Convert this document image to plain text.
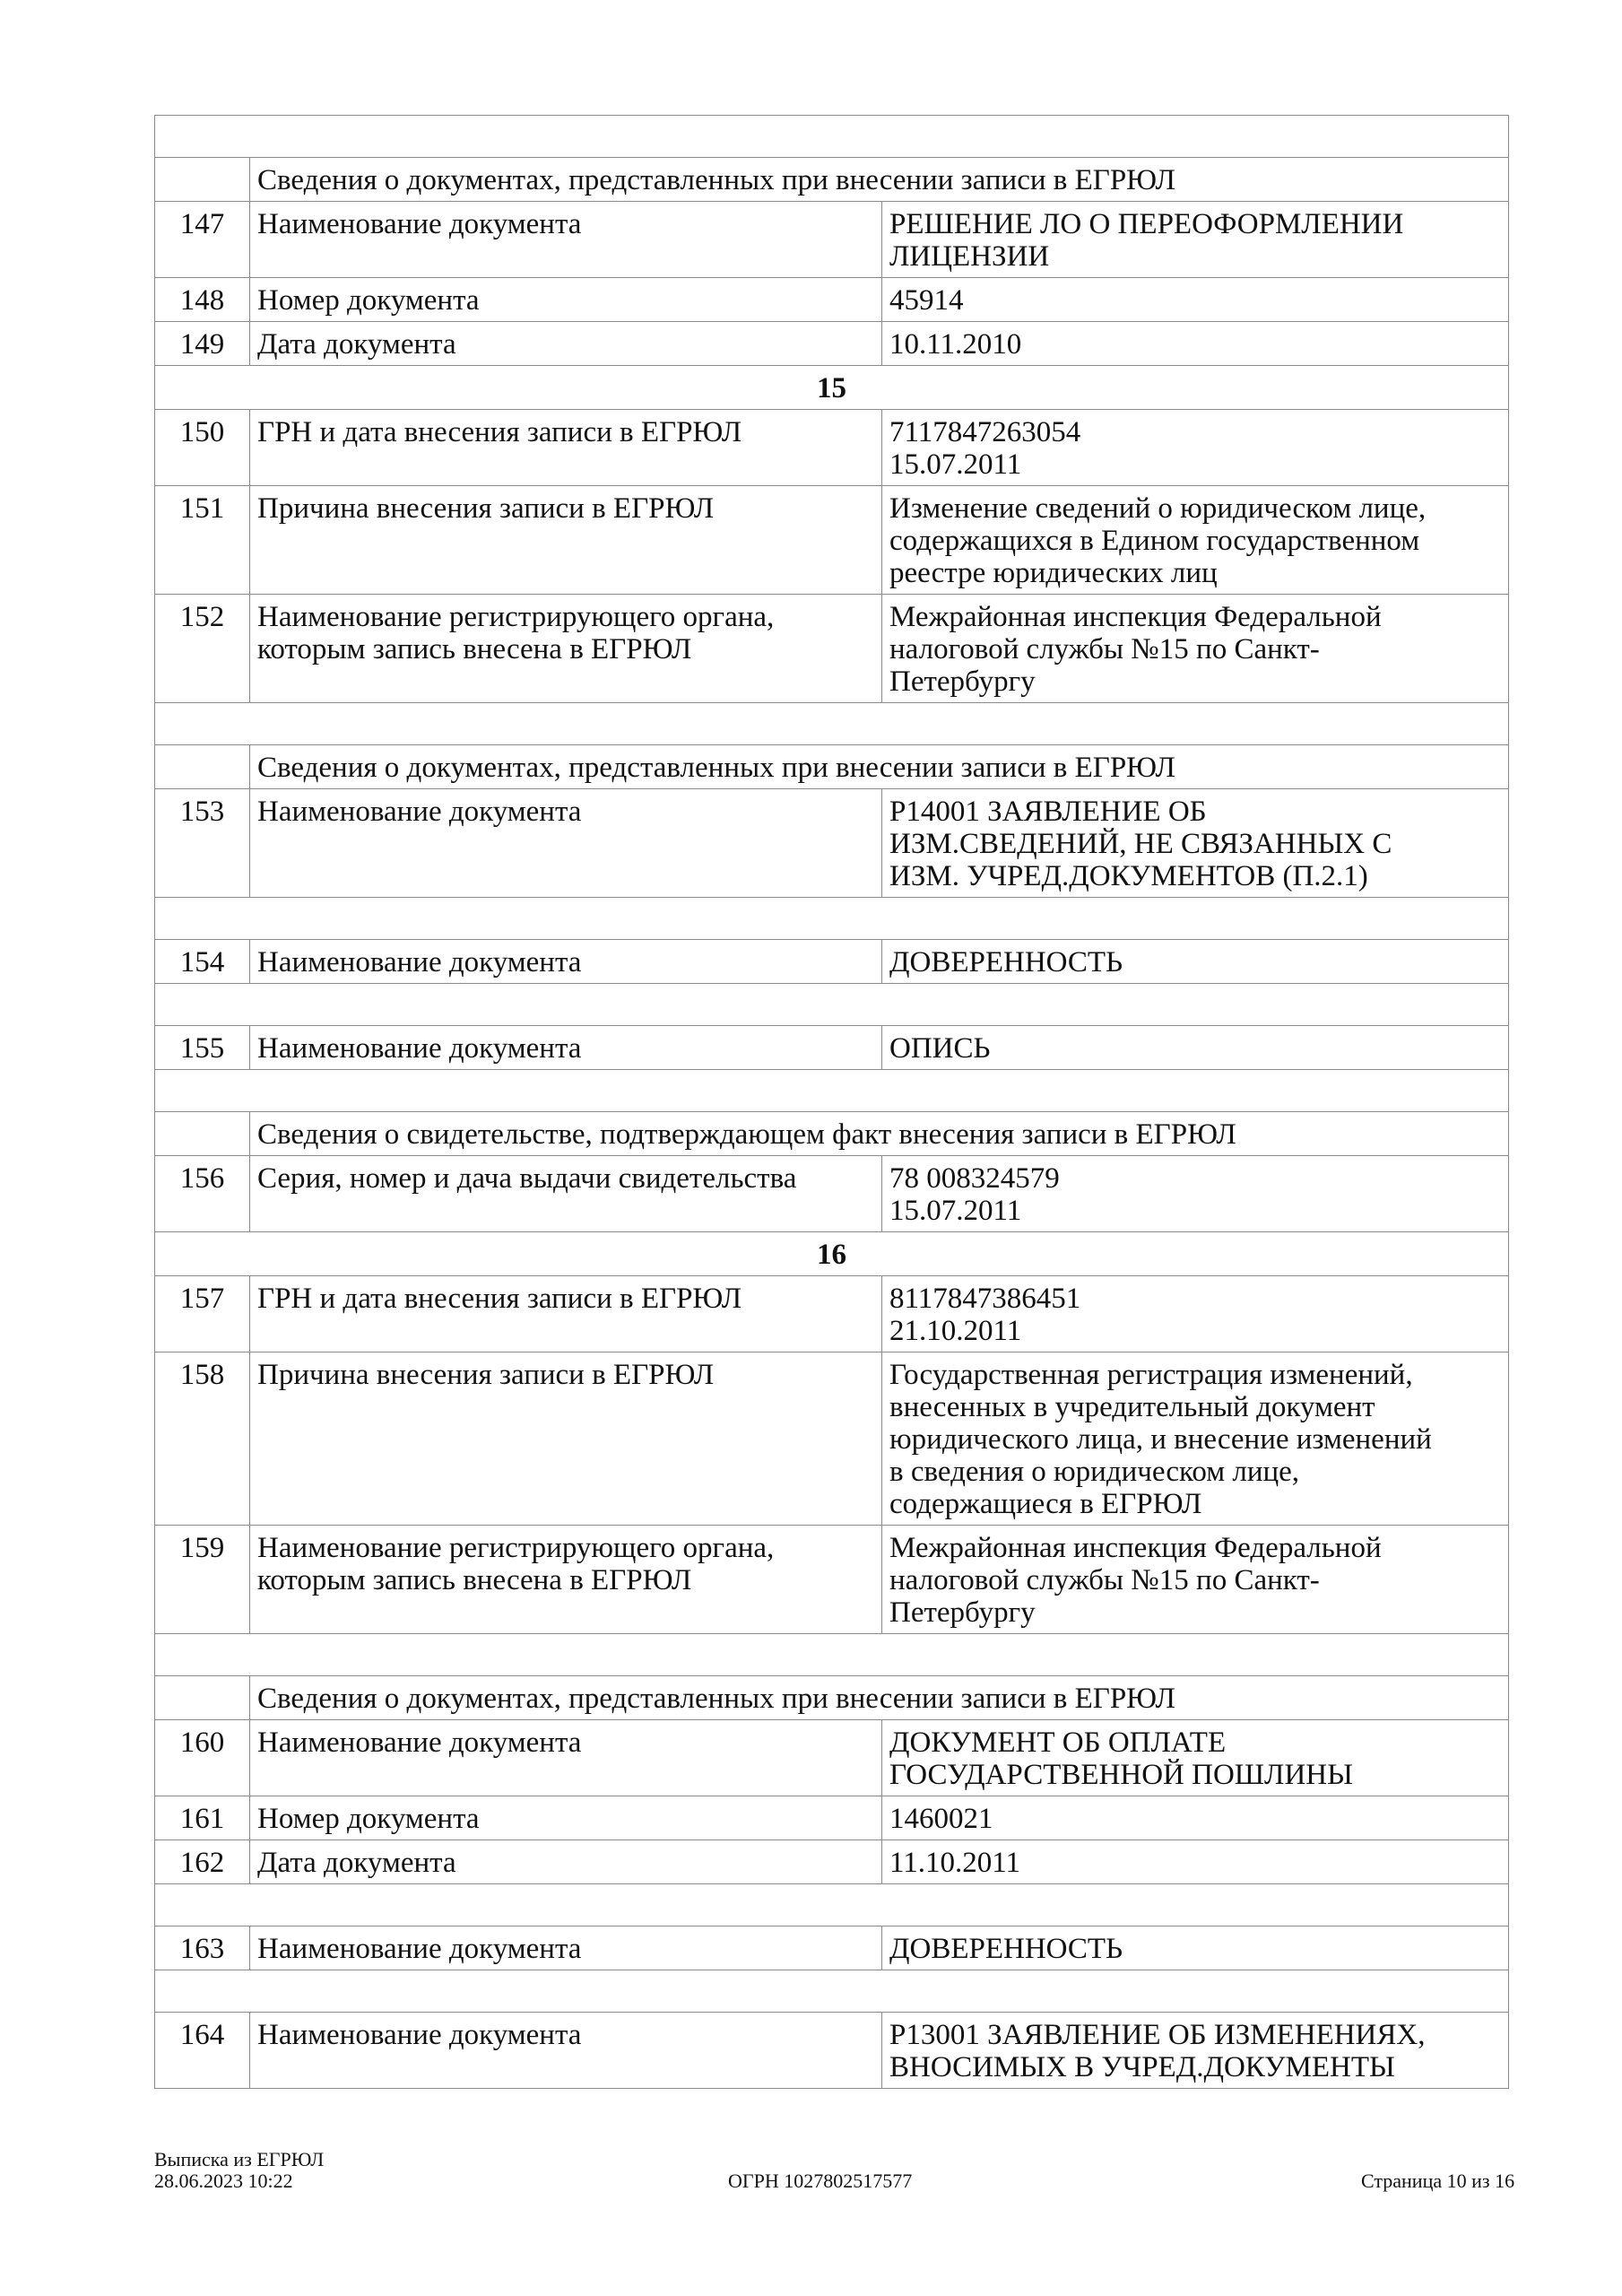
	Сведения о документах, представленных при внесении записи в ЕГРЮЛ	
147	Наименование документа	РЕШЕНИЕ ЛО О ПЕРЕОФОРМЛЕНИИ
ЛИЦЕНЗИИ

148	Номер документа	45914

149	Дата документа	10.11.2010

15		
150	ГРН и дата внесения записи в ЕГРЮЛ	7117847263054
15.07.2011

151	Причина внесения записи в ЕГРЮЛ	Изменение сведений о юридическом лице,
содержащихся в Едином государственном
реестре юридических лиц

152	Наименование регистрирующего органа, которым запись внесена в ЕГРЮЛ	Межрайонная инспекция Федеральной
налоговой службы №15 по Санкт-
Петербургу

	Сведения о документах, представленных при внесении записи в ЕГРЮЛ	
153	Наименование документа	Р14001 ЗАЯВЛЕНИЕ ОБ
ИЗМ.СВЕДЕНИЙ, НЕ СВЯЗАННЫХ С
ИЗМ. УЧРЕД.ДОКУМЕНТОВ (П.2.1)

154	Наименование документа	ДОВЕРЕННОСТЬ

155	Наименование документа	ОПИСЬ

	Сведения о свидетельстве, подтверждающем факт внесения записи в ЕГРЮЛ	
156	Серия, номер и дача выдачи свидетельства	78 008324579
15.07.2011

16		
157	ГРН и дата внесения записи в ЕГРЮЛ	8117847386451
21.10.2011

158	Причина внесения записи в ЕГРЮЛ	Государственная регистрация изменений,
внесенных в учредительный документ
юридического лица, и внесение изменений
в сведения о юридическом лице,
содержащиеся в ЕГРЮЛ

159	Наименование регистрирующего органа, которым запись внесена в ЕГРЮЛ	Межрайонная инспекция Федеральной
налоговой службы №15 по Санкт-
Петербургу

	Сведения о документах, представленных при внесении записи в ЕГРЮЛ	
160	Наименование документа	ДОКУМЕНТ ОБ ОПЛАТЕ
ГОСУДАРСТВЕННОЙ ПОШЛИНЫ

161	Номер документа	1460021

162	Дата документа	11.10.2011

163	Наименование документа	ДОВЕРЕННОСТЬ

164	Наименование документа	Р13001 ЗАЯВЛЕНИЕ ОБ ИЗМЕНЕНИЯХ,
ВНОСИМЫХ В УЧРЕД.ДОКУМЕНТЫ
Выписка из ЕГРЮЛ
28.06.2023 10:22	ОГРН 1027802517577	Страница 10 из 16
